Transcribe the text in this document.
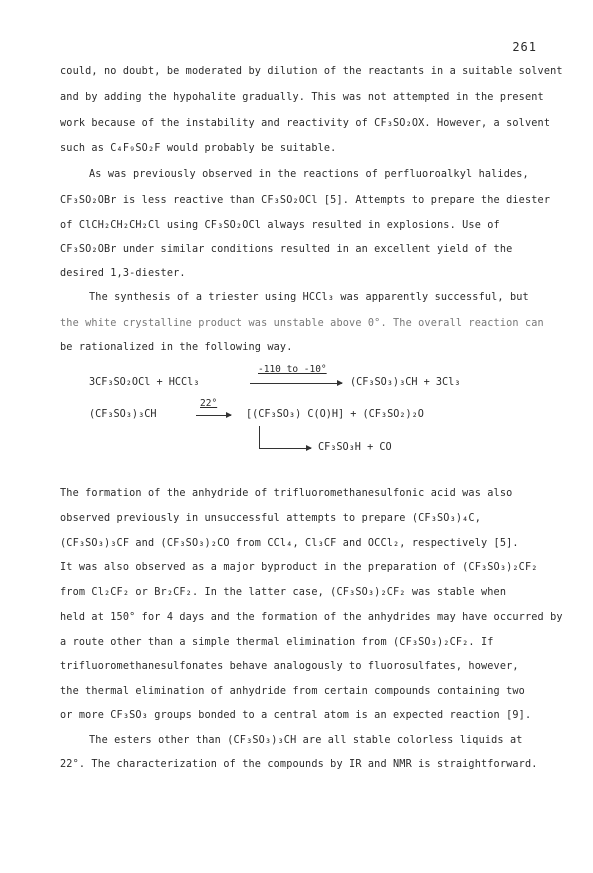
261
could, no doubt, be moderated by dilution of the reactants in a suitable solvent
and by adding the hypohalite gradually. This was not attempted in the present
work because of the instability and reactivity of CF₃SO₂OX. However, a solvent
such as C₄F₉SO₂F would probably be suitable.
As was previously observed in the reactions of perfluoroalkyl halides,
CF₃SO₂OBr is less reactive than CF₃SO₂OCl [5]. Attempts to prepare the diester
of ClCH₂CH₂CH₂Cl using CF₃SO₂OCl always resulted in explosions. Use of
CF₃SO₂OBr under similar conditions resulted in an excellent yield of the
desired 1,3-diester.
The synthesis of a triester using HCCl₃ was apparently successful, but
the white crystalline product was unstable above 0°. The overall reaction can
be rationalized in the following way.
3CF₃SO₂OCl + HCCl₃
-110 to -10°
(CF₃SO₃)₃CH + 3Cl₃
(CF₃SO₃)₃CH
22°
→ [(CF₃SO₃) C(O)H] + (CF₃SO₂)₂O
→ CF₃SO₃H + CO
The formation of the anhydride of trifluoromethanesulfonic acid was also
observed previously in unsuccessful attempts to prepare (CF₃SO₃)₄C,
(CF₃SO₃)₃CF and (CF₃SO₃)₂CO from CCl₄, Cl₃CF and OCCl₂, respectively [5].
It was also observed as a major byproduct in the preparation of (CF₃SO₃)₂CF₂
from Cl₂CF₂ or Br₂CF₂. In the latter case, (CF₃SO₃)₂CF₂ was stable when
held at 150° for 4 days and the formation of the anhydrides may have occurred by
a route other than a simple thermal elimination from (CF₃SO₃)₂CF₂. If
trifluoromethanesulfonates behave analogously to fluorosulfates, however,
the thermal elimination of anhydride from certain compounds containing two
or more CF₃SO₃ groups bonded to a central atom is an expected reaction [9].
The esters other than (CF₃SO₃)₃CH are all stable colorless liquids at
22°. The characterization of the compounds by IR and NMR is straightforward.
